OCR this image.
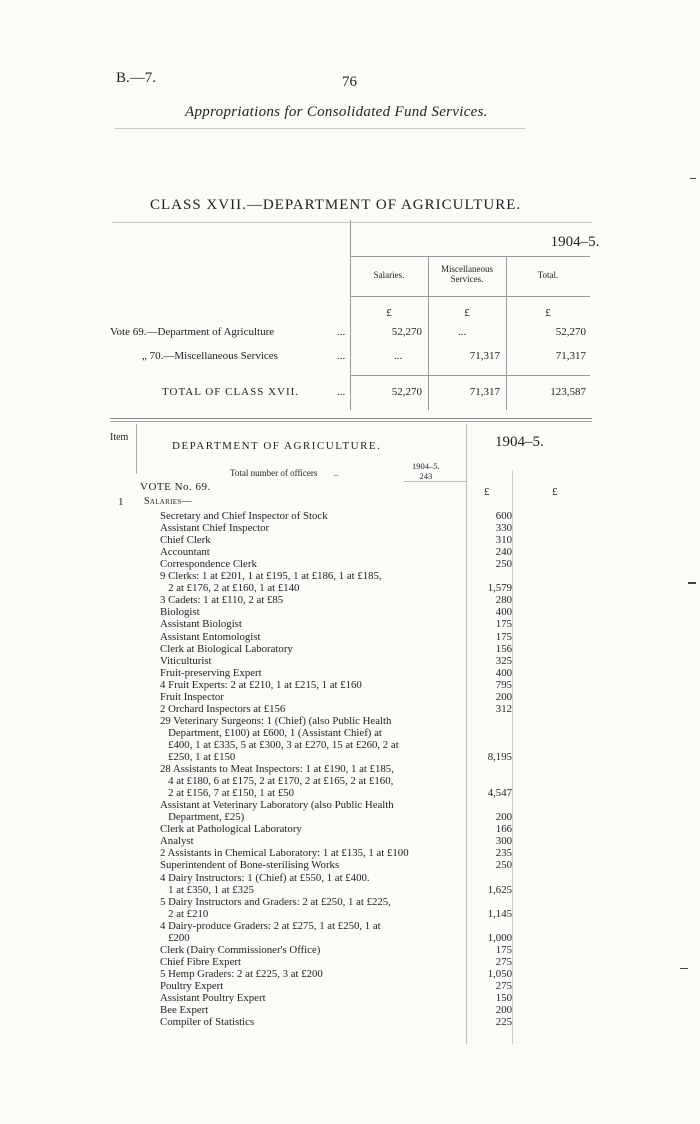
B.—7.	76
Appropriations for Consolidated Fund Services.
CLASS XVII.—DEPARTMENT OF AGRICULTURE.
1904–5.
Salaries.
Miscellaneous
Services.	Total.
£	£	£
Vote 69.—Department of Agriculture	...	52,270	...	52,270
„ 70.—Miscellaneous Services	...	...	71,317	71,317
TOTAL OF CLASS XVII.	...	52,270	71,317	123,587
Item
DEPARTMENT OF AGRICULTURE.	1904–5.
Total number of officers ..
1904–5.
243
£	£
VOTE No. 69.
1 Salaries—
Secretary and Chief Inspector of Stock	600
Assistant Chief Inspector	330
Chief Clerk	310
Accountant	240
Correspondence Clerk	250
9 Clerks: 1 at £201, 1 at £195, 1 at £186, 1 at £185,
2 at £176, 2 at £160, 1 at £140	1,579
3 Cadets: 1 at £110, 2 at £85	280
Biologist	400
Assistant Biologist	175
Assistant Entomologist	175
Clerk at Biological Laboratory	156
Viticulturist	325
Fruit-preserving Expert	400
4 Fruit Experts: 2 at £210, 1 at £215, 1 at £160	795
Fruit Inspector	200
2 Orchard Inspectors at £156	312
29 Veterinary Surgeons: 1 (Chief) (also Public Health
Department, £100) at £600, 1 (Assistant Chief) at
£400, 1 at £335, 5 at £300, 3 at £270, 15 at £260, 2 at
£250, 1 at £150	8,195
28 Assistants to Meat Inspectors: 1 at £190, 1 at £185,
4 at £180, 6 at £175, 2 at £170, 2 at £165, 2 at £160,
2 at £156, 7 at £150, 1 at £50	4,547
Assistant at Veterinary Laboratory (also Public Health
Department, £25)	200
Clerk at Pathological Laboratory	166
Analyst	300
2 Assistants in Chemical Laboratory: 1 at £135, 1 at £100	235
Superintendent of Bone-sterilising Works	250
4 Dairy Instructors: 1 (Chief) at £550, 1 at £400.
1 at £350, 1 at £325	1,625
5 Dairy Instructors and Graders: 2 at £250, 1 at £225,
2 at £210	1,145
4 Dairy-produce Graders: 2 at £275, 1 at £250, 1 at
£200	1,000
Clerk (Dairy Commissioner's Office)	175
Chief Fibre Expert	275
5 Hemp Graders: 2 at £225, 3 at £200	1,050
Poultry Expert	275
Assistant Poultry Expert	150
Bee Expert	200
Compiler of Statistics	225
